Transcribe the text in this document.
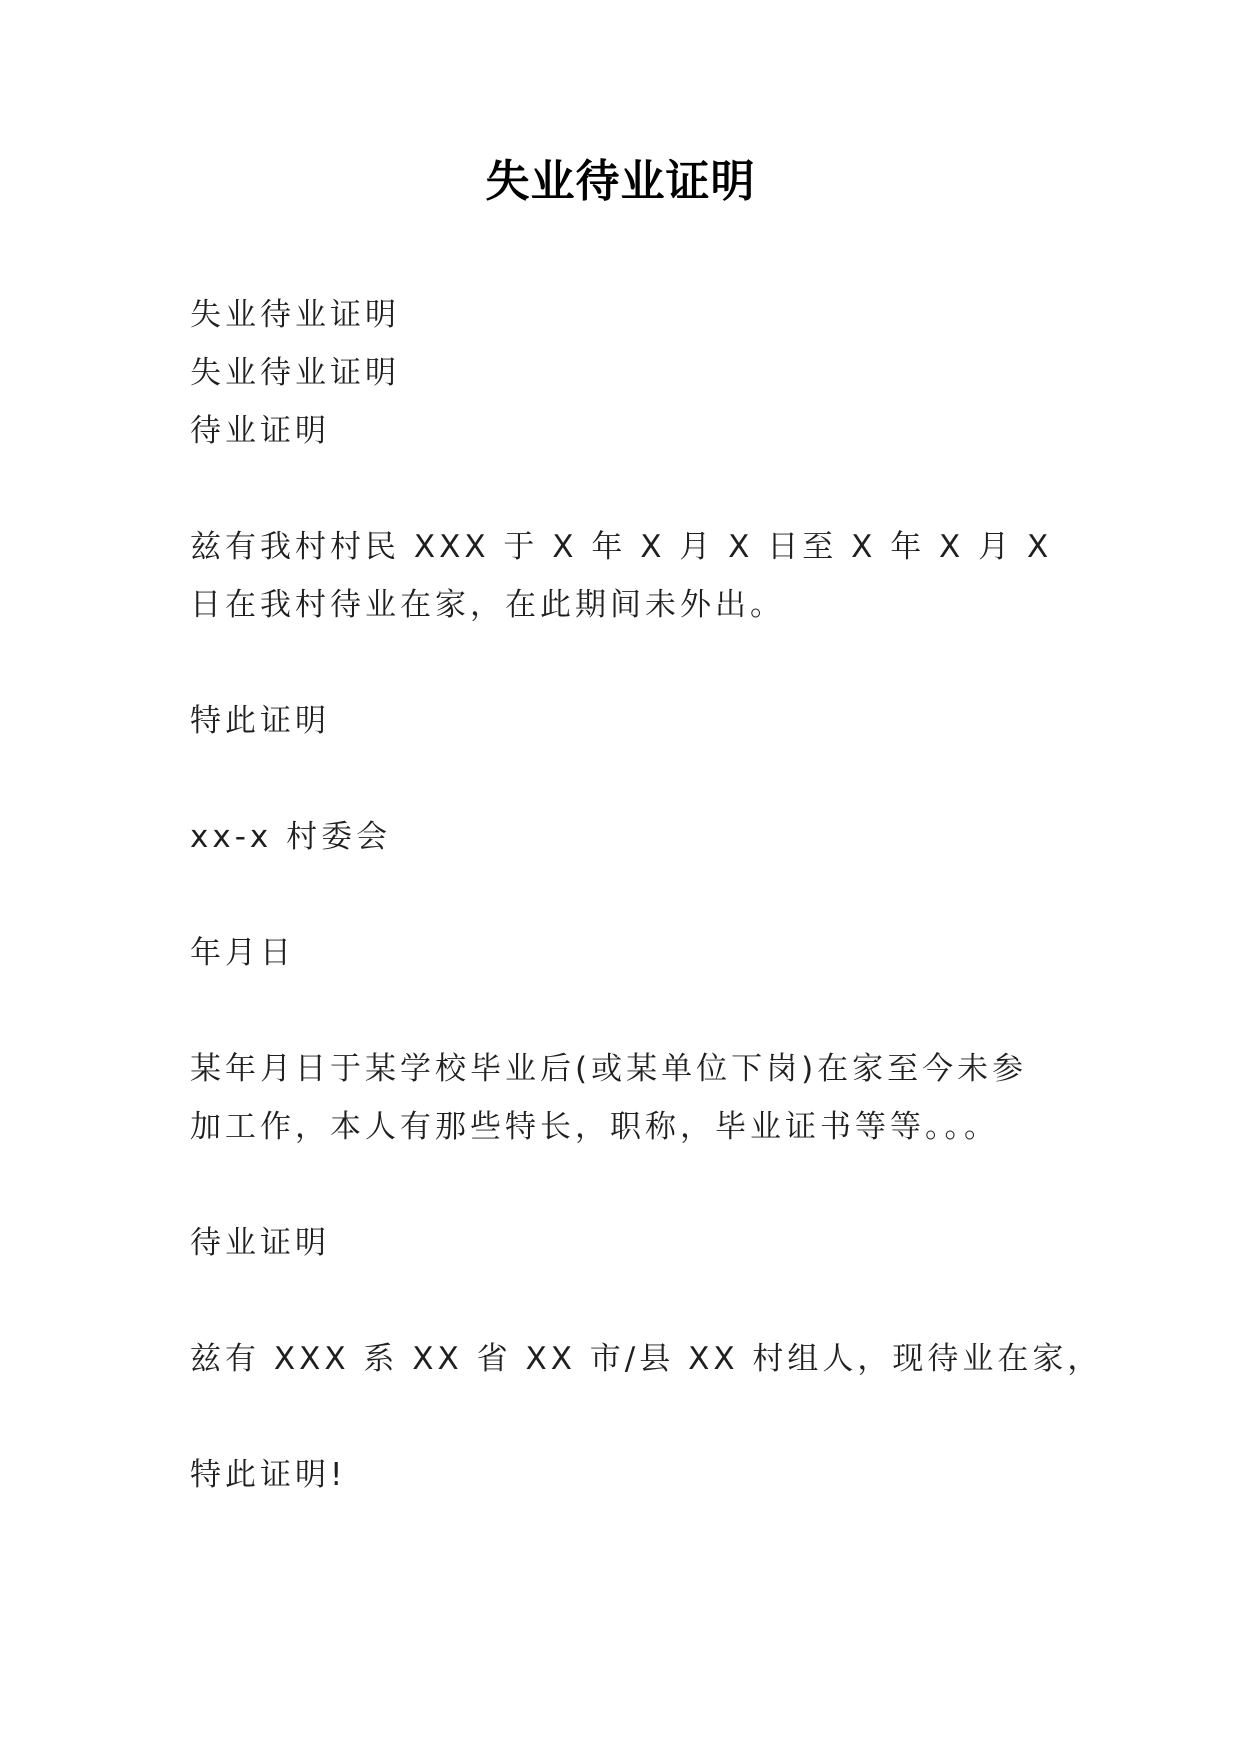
失业待业证明
失业待业证明
失业待业证明
待业证明
兹有我村村民 XXX 于 X 年 X 月 X 日至 X 年 X 月 X 日在我村待业在家，在此期间未外出。
特此证明
xx-x 村委会
年月日
某年月日于某学校毕业后(或某单位下岗)在家至今未参加工作，本人有那些特长，职称，毕业证书等等。。。
待业证明
兹有 XXX 系 XX 省 XX 市/县 XX 村组人，现待业在家，
特此证明!
